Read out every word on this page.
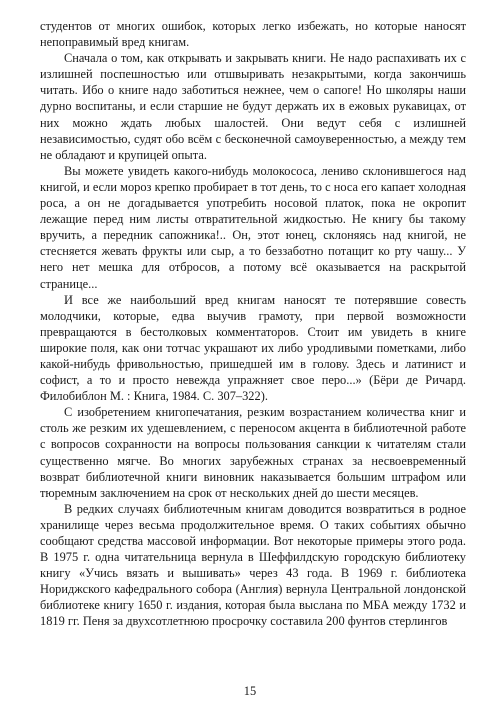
студентов от многих ошибок, которых легко избежать, но которые наносят непоправимый вред книгам.

Сначала о том, как открывать и закрывать книги. Не надо распахивать их с излишней поспешностью или отшвыривать незакрытыми, когда закончишь читать. Ибо о книге надо заботиться нежнее, чем о сапоге! Но школяры наши дурно воспитаны, и если старшие не будут держать их в ежовых рукавицах, от них можно ждать любых шалостей. Они ведут себя с излишней независимостью, судят обо всём с бесконечной самоуверенностью, а между тем не обладают и крупицей опыта.

Вы можете увидеть какого-нибудь молокососа, лениво склонившегося над книгой, и если мороз крепко пробирает в тот день, то с носа его капает холодная роса, а он не догадывается употребить носовой платок, пока не окропит лежащие перед ним листы отвратительной жидкостью. Не книгу бы такому вручить, а передник сапожника!.. Он, этот юнец, склоняясь над книгой, не стесняется жевать фрукты или сыр, а то беззаботно потащит ко рту чашу... У него нет мешка для отбросов, а потому всё оказывается на раскрытой странице...

И все же наибольший вред книгам наносят те потерявшие совесть молодчики, которые, едва выучив грамоту, при первой возможности превращаются в бестолковых комментаторов. Стоит им увидеть в книге широкие поля, как они тотчас украшают их либо уродливыми пометками, либо какой-нибудь фривольностью, пришедшей им в голову. Здесь и латинист и софист, а то и просто невежда упражняет свое перо...» (Бёри де Ричард. Филобиблон М. : Книга, 1984. С. 307–322).

С изобретением книгопечатания, резким возрастанием количества книг и столь же резким их удешевлением, с переносом акцента в библиотечной работе с вопросов сохранности на вопросы пользования санкции к читателям стали существенно мягче. Во многих зарубежных странах за несвоевременный возврат библиотечной книги виновник наказывается большим штрафом или тюремным заключением на срок от нескольких дней до шести месяцев.

В редких случаях библиотечным книгам доводится возвратиться в родное хранилище через весьма продолжительное время. О таких событиях обычно сообщают средства массовой информации. Вот некоторые примеры этого рода. В 1975 г. одна читательница вернула в Шеффилдскую городскую библиотеку книгу «Учись вязать и вышивать» через 43 года. В 1969 г. библиотека Нориджского кафедрального собора (Англия) вернула Центральной лондонской библиотеке книгу 1650 г. издания, которая была выслана по МБА между 1732 и 1819 гг. Пеня за двухсотлетнюю просрочку составила 200 фунтов стерлингов

15
